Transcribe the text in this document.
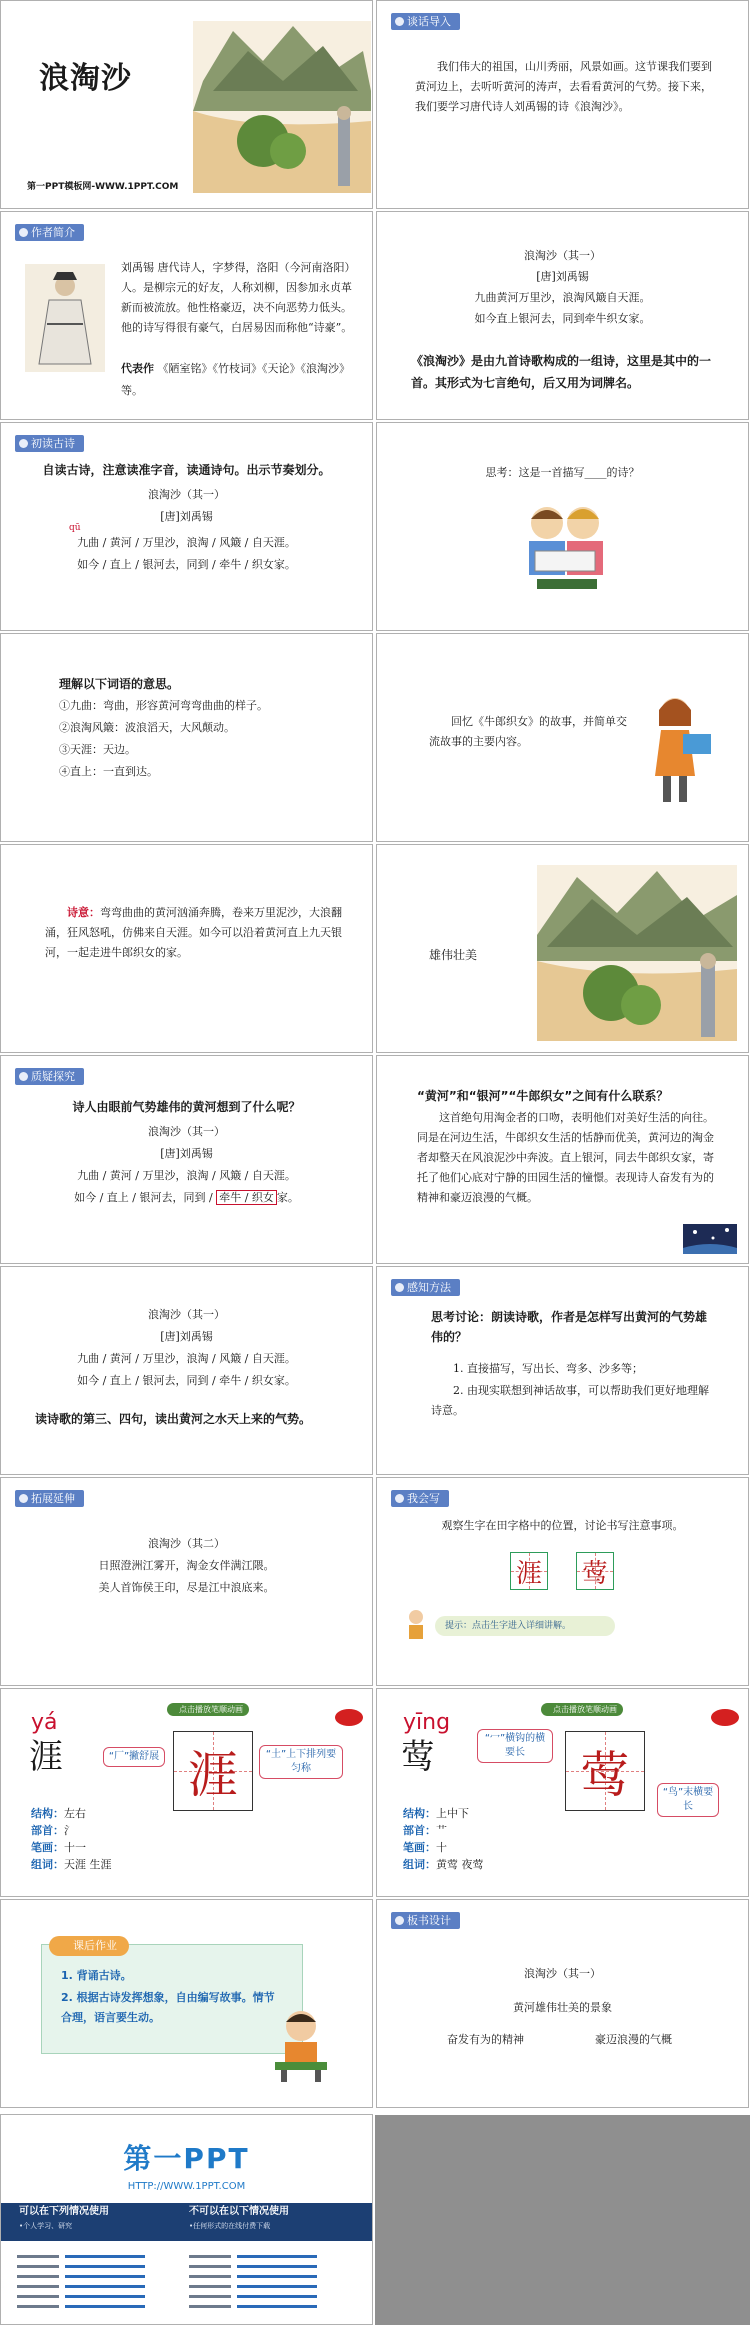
浪淘沙
第一PPT模板网-WWW.1PPT.COM
谈话导入
我们伟大的祖国，山川秀丽，风景如画。这节课我们要到黄河边上，去听听黄河的涛声，去看看黄河的气势。接下来，我们要学习唐代诗人刘禹锡的诗《浪淘沙》。
作者简介
刘禹锡 唐代诗人，字梦得，洛阳（今河南洛阳）人。是柳宗元的好友，人称刘柳，因参加永贞革新而被流放。他性格豪迈，决不向恶势力低头。他的诗写得很有豪气，白居易因而称他“诗豪”。
代表作 《陋室铭》《竹枝词》《天论》《浪淘沙》等。
浪淘沙（其一）
[唐]刘禹锡
九曲黄河万里沙，浪淘风簸自天涯。
如今直上银河去，同到牵牛织女家。
《浪淘沙》是由九首诗歌构成的一组诗，这里是其中的一首。其形式为七言绝句，后又用为词牌名。
初读古诗
自读古诗，注意读准字音，读通诗句。出示节奏划分。
浪淘沙（其一）
[唐]刘禹锡
qū
九曲 / 黄河 / 万里沙，浪淘 / 风簸 / 自天涯。
如今 / 直上 / 银河去，同到 / 牵牛 / 织女家。
思考：这是一首描写____的诗？
理解以下词语的意思。
①九曲：弯曲，形容黄河弯弯曲曲的样子。
②浪淘风簸：波浪滔天，大风颠动。
③天涯：天边。
④直上：一直到达。
回忆《牛郎织女》的故事，并简单交流故事的主要内容。
诗意：弯弯曲曲的黄河汹涌奔腾，卷来万里泥沙，大浪翻涌，狂风怒吼，仿佛来自天涯。如今可以沿着黄河直上九天银河，一起走进牛郎织女的家。	雄伟壮美
质疑探究
诗人由眼前气势雄伟的黄河想到了什么呢？
浪淘沙（其一）
[唐]刘禹锡
九曲 / 黄河 / 万里沙，浪淘 / 风簸 / 自天涯。
如今 / 直上 / 银河去，同到 / 牵牛 / 织女 家。
“黄河”和“银河”“牛郎织女”之间有什么联系？
这首绝句用淘金者的口吻，表明他们对美好生活的向往。同是在河边生活，牛郎织女生活的恬静而优美，黄河边的淘金者却整天在风浪泥沙中奔波。直上银河，同去牛郎织女家，寄托了他们心底对宁静的田园生活的憧憬。表现诗人奋发有为的精神和豪迈浪漫的气概。
浪淘沙（其一）
[唐]刘禹锡
九曲 / 黄河 / 万里沙，浪淘 / 风簸 / 自天涯。
如今 / 直上 / 银河去，同到 / 牵牛 / 织女家。
读诗歌的第三、四句，读出黄河之水天上来的气势。
感知方法
思考讨论：朗读诗歌，作者是怎样写出黄河的气势雄伟的？
1. 直接描写，写出长、弯多、沙多等；
2. 由现实联想到神话故事，可以帮助我们更好地理解诗意。
拓展延伸
浪淘沙（其二）
日照澄洲江雾开，淘金女伴满江隈。
美人首饰侯王印，尽是江中浪底来。
我会写
观察生字在田字格中的位置，讨论书写注意事项。
涯 莺
提示：点击生字进入详细讲解。
yá
涯
点击播放笔顺动画
涯
“厂”撇舒展	“土”上下排列要匀称
结构：左右
部首：氵
笔画：十一
组词：天涯 生涯
yīng
莺
点击播放笔顺动画
莺
“冖”横钩的横要长
“鸟”末横要长
结构：上中下
部首：艹
笔画：十
组词：黄莺 夜莺
课后作业
1. 背诵古诗。
2. 根据古诗发挥想象，自由编写故事。情节合理，语言要生动。
板书设计
浪淘沙（其一）
黄河雄伟壮美的景象
奋发有为的精神	豪迈浪漫的气概
第一PPT
HTTP://WWW.1PPT.COM
可以在下列情况使用
•个人学习、研究
不可以在以下情况使用
•任何形式的在线付费下载
